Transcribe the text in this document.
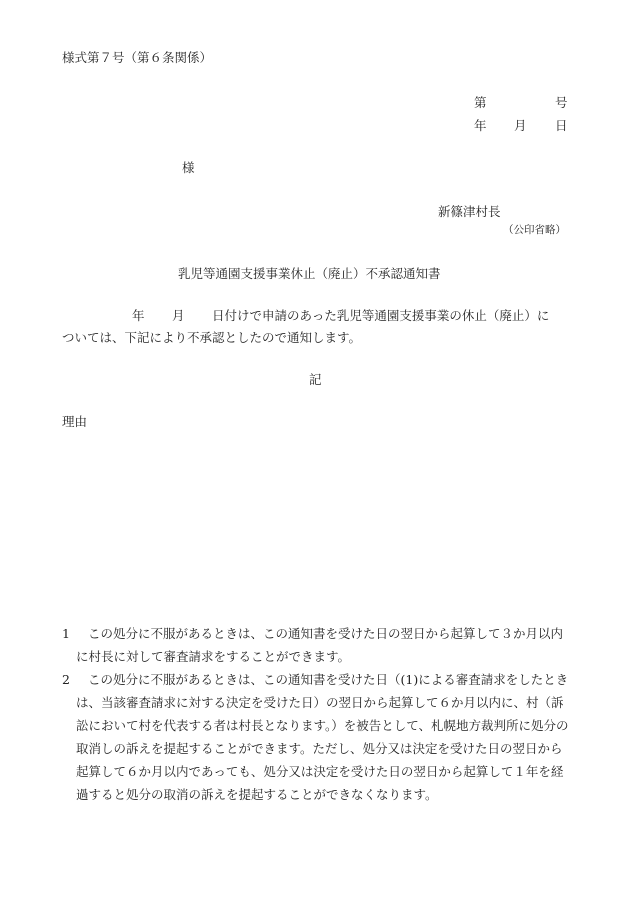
様式第７号（第６条関係）
第	号
年 月 日
様
新篠津村長
（公印省略）
乳児等通園支援事業休止（廃止）不承認通知書
年 月 日付けで申請のあった乳児等通園支援事業の休止（廃止）に
ついては、下記により不承認としたので通知します。
記
理由
1	この処分に不服があるときは、この通知書を受けた日の翌日から起算して３か月以内に村長に対して審査請求をすることができます。
2	この処分に不服があるときは、この通知書を受けた日（(1)による審査請求をしたときは、当該審査請求に対する決定を受けた日）の翌日から起算して６か月以内に、村（訴訟において村を代表する者は村長となります。）を被告として、札幌地方裁判所に処分の取消しの訴えを提起することができます。ただし、処分又は決定を受けた日の翌日から起算して６か月以内であっても、処分又は決定を受けた日の翌日から起算して１年を経過すると処分の取消の訴えを提起することができなくなります。
